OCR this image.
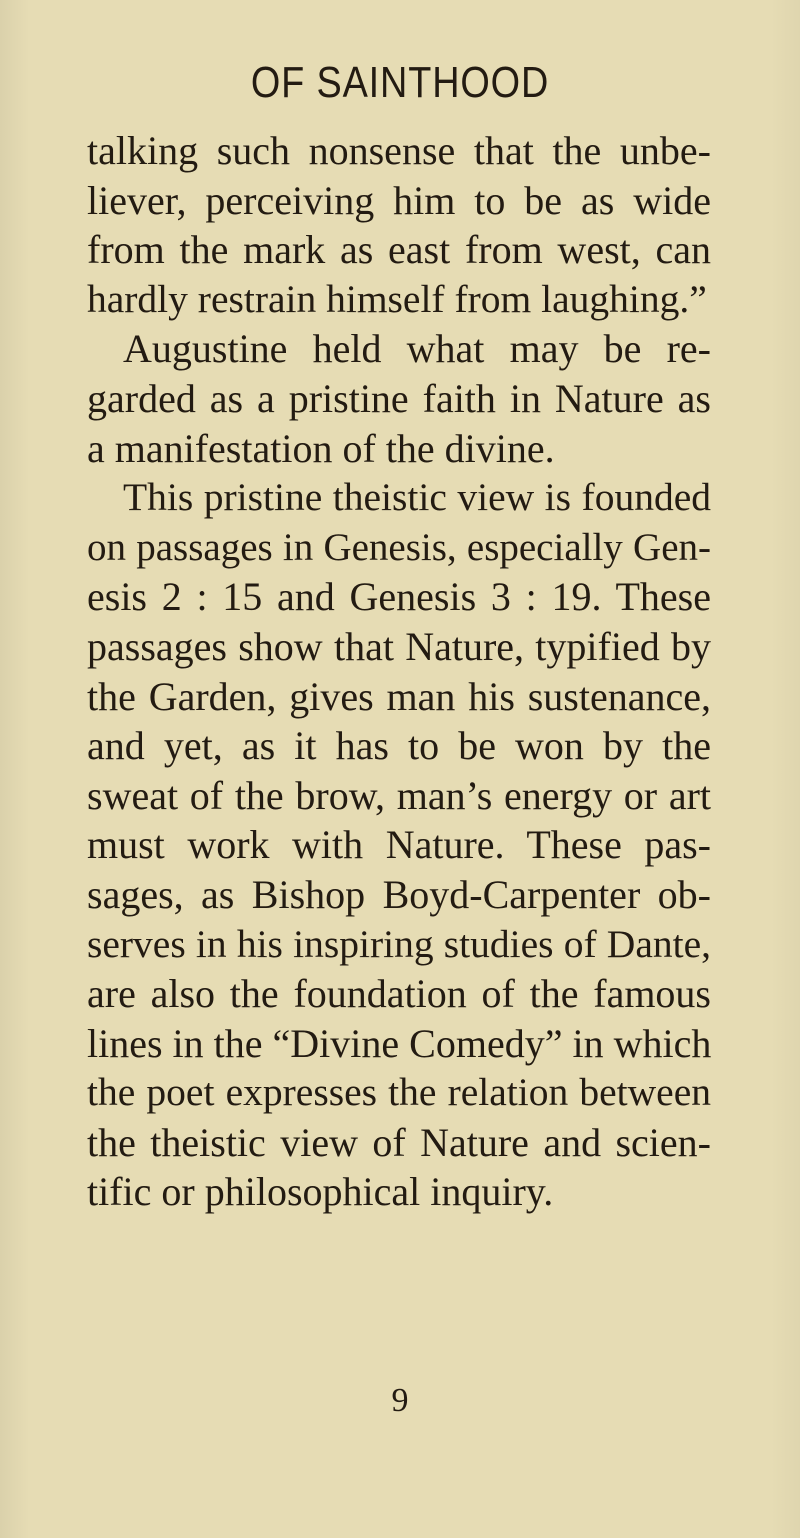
OF SAINTHOOD
talking such nonsense that the unbe-
liever, perceiving him to be as wide
from the mark as east from west, can
hardly restrain himself from laughing.”
Augustine held what may be re-
garded as a pristine faith in Nature as
a manifestation of the divine.
This pristine theistic view is founded
on passages in Genesis, especially Gen-
esis 2 : 15 and Genesis 3 : 19. These
passages show that Nature, typified by
the Garden, gives man his sustenance,
and yet, as it has to be won by the
sweat of the brow, man’s energy or art
must work with Nature. These pas-
sages, as Bishop Boyd-Carpenter ob-
serves in his inspiring studies of Dante,
are also the foundation of the famous
lines in the “Divine Comedy” in which
the poet expresses the relation between
the theistic view of Nature and scien-
tific or philosophical inquiry.
9
